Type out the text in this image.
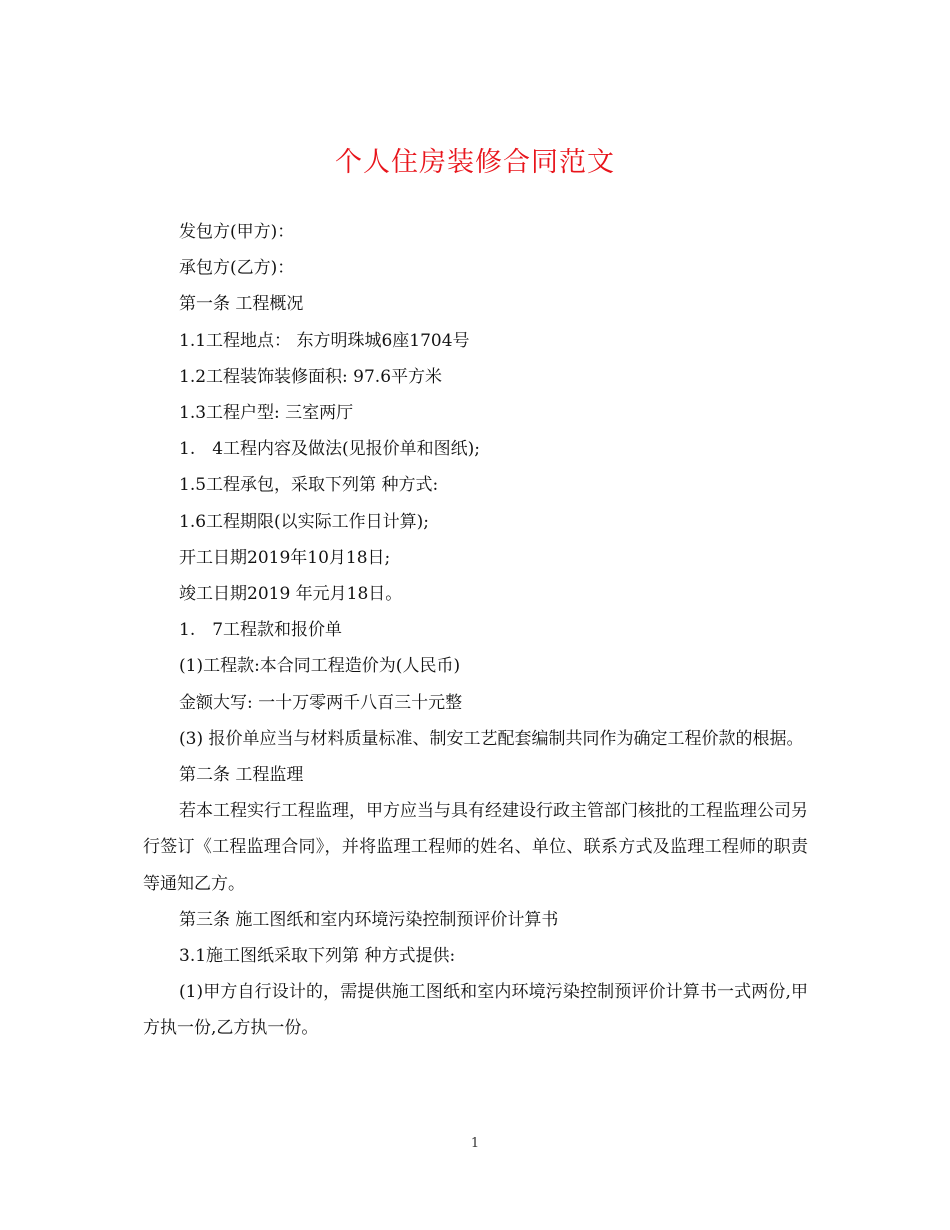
个人住房装修合同范文

发包方(甲方)：

承包方(乙方)：

第一条 工程概况

1.1工程地点： 东方明珠城6座1704号

1.2工程装饰装修面积: 97.6平方米

1.3工程户型: 三室两厅

1.　4工程内容及做法(见报价单和图纸);

1.5工程承包，采取下列第 种方式:

1.6工程期限(以实际工作日计算);

开工日期2019年10月18日;

竣工日期2019 年元月18日。

1.　7工程款和报价单

(1)工程款:本合同工程造价为(人民币)

金额大写: 一十万零两千八百三十元整

(3) 报价单应当与材料质量标准、制安工艺配套编制共同作为确定工程价款的根据。

第二条 工程监理

若本工程实行工程监理，甲方应当与具有经建设行政主管部门核批的工程监理公司另行签订《工程监理合同》，并将监理工程师的姓名、单位、联系方式及监理工程师的职责等通知乙方。

第三条 施工图纸和室内环境污染控制预评价计算书

3.1施工图纸采取下列第 种方式提供:

(1)甲方自行设计的，需提供施工图纸和室内环境污染控制预评价计算书一式两份,甲方执一份,乙方执一份。

1
